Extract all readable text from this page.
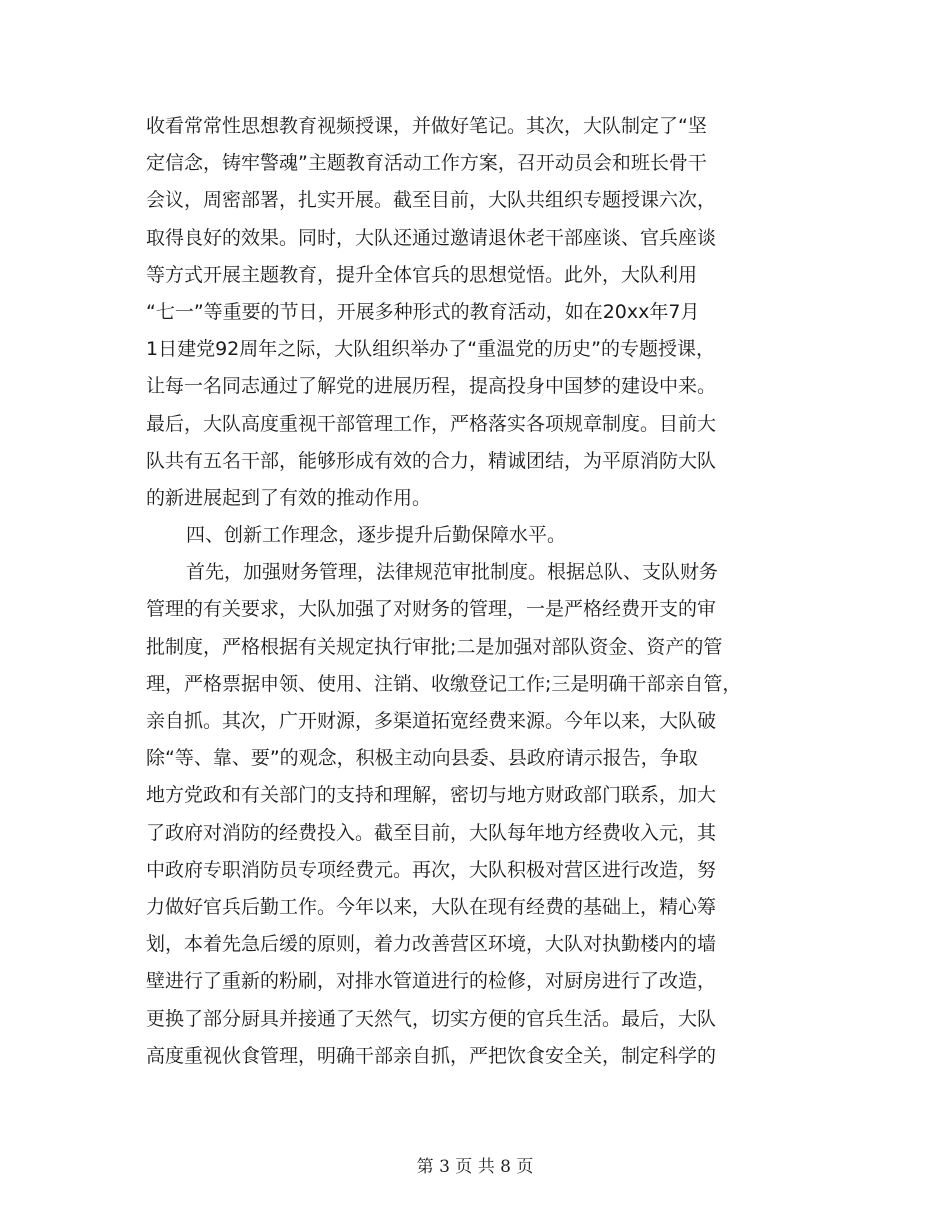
收看常常性思想教育视频授课，并做好笔记。其次，大队制定了“坚
定信念，铸牢警魂”主题教育活动工作方案，召开动员会和班长骨干
会议，周密部署，扎实开展。截至目前，大队共组织专题授课六次，
取得良好的效果。同时，大队还通过邀请退休老干部座谈、官兵座谈
等方式开展主题教育，提升全体官兵的思想觉悟。此外，大队利用
“七一”等重要的节日，开展多种形式的教育活动，如在20xx年7月
1日建党92周年之际，大队组织举办了“重温党的历史”的专题授课，
让每一名同志通过了解党的进展历程，提高投身中国梦的建设中来。
最后，大队高度重视干部管理工作，严格落实各项规章制度。目前大
队共有五名干部，能够形成有效的合力，精诚团结，为平原消防大队
的新进展起到了有效的推动作用。
四、创新工作理念，逐步提升后勤保障水平。
首先，加强财务管理，法律规范审批制度。根据总队、支队财务
管理的有关要求，大队加强了对财务的管理，一是严格经费开支的审
批制度，严格根据有关规定执行审批;二是加强对部队资金、资产的管
理，严格票据申领、使用、注销、收缴登记工作;三是明确干部亲自管，
亲自抓。其次，广开财源，多渠道拓宽经费来源。今年以来，大队破
除“等、靠、要”的观念，积极主动向县委、县政府请示报告，争取
地方党政和有关部门的支持和理解，密切与地方财政部门联系，加大
了政府对消防的经费投入。截至目前，大队每年地方经费收入元，其
中政府专职消防员专项经费元。再次，大队积极对营区进行改造，努
力做好官兵后勤工作。今年以来，大队在现有经费的基础上，精心筹
划，本着先急后缓的原则，着力改善营区环境，大队对执勤楼内的墙
壁进行了重新的粉刷，对排水管道进行的检修，对厨房进行了改造，
更换了部分厨具并接通了天然气，切实方便的官兵生活。最后，大队
高度重视伙食管理，明确干部亲自抓，严把饮食安全关，制定科学的
第 3 页 共 8 页
